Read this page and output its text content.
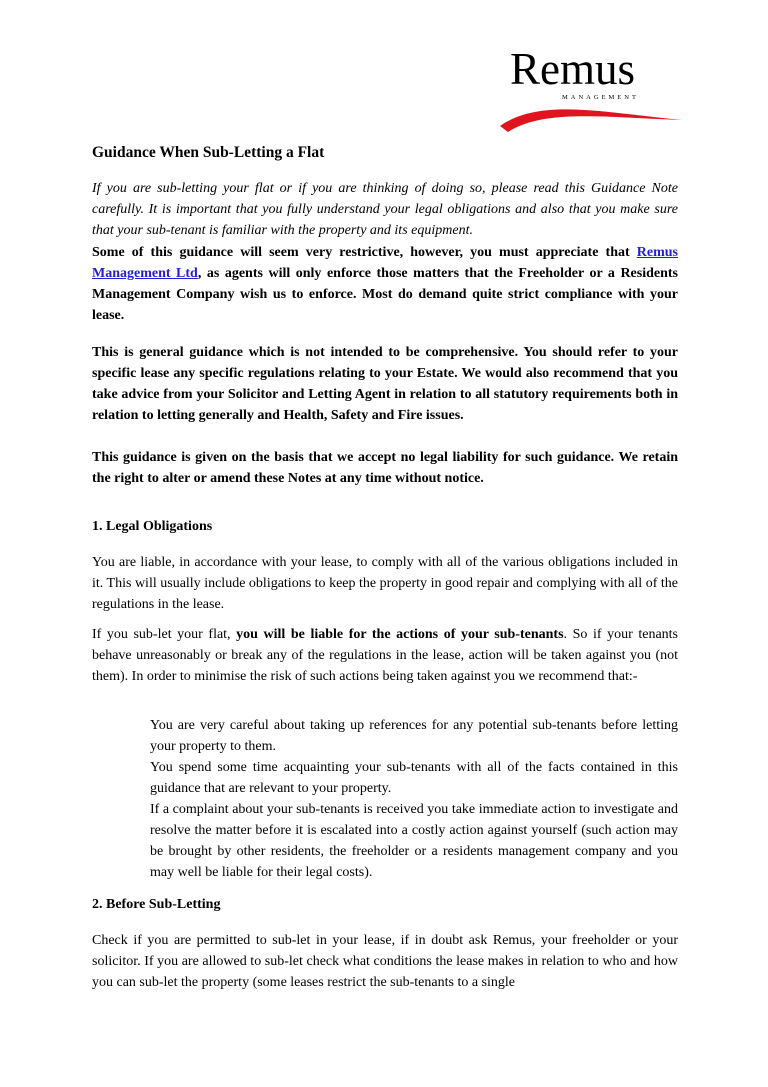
Remus
MANAGEMENT
Guidance When Sub-Letting a Flat

If you are sub-letting your flat or if you are thinking of doing so, please read this Guidance Note carefully. It is important that you fully understand your legal obligations and also that you make sure that your sub-tenant is familiar with the property and its equipment.

Some of this guidance will seem very restrictive, however, you must appreciate that Remus Management Ltd, as agents will only enforce those matters that the Freeholder or a Residents Management Company wish us to enforce. Most do demand quite strict compliance with your lease.

This is general guidance which is not intended to be comprehensive. You should refer to your specific lease any specific regulations relating to your Estate. We would also recommend that you take advice from your Solicitor and Letting Agent in relation to all statutory requirements both in relation to letting generally and Health, Safety and Fire issues.

This guidance is given on the basis that we accept no legal liability for such guidance. We retain the right to alter or amend these Notes at any time without notice.

1. Legal Obligations

You are liable, in accordance with your lease, to comply with all of the various obligations included in it. This will usually include obligations to keep the property in good repair and complying with all of the regulations in the lease.

If you sub-let your flat, you will be liable for the actions of your sub-tenants. So if your tenants behave unreasonably or break any of the regulations in the lease, action will be taken against you (not them). In order to minimise the risk of such actions being taken against you we recommend that:-

You are very careful about taking up references for any potential sub-tenants before letting your property to them.
You spend some time acquainting your sub-tenants with all of the facts contained in this guidance that are relevant to your property.
If a complaint about your sub-tenants is received you take immediate action to investigate and resolve the matter before it is escalated into a costly action against yourself (such action may be brought by other residents, the freeholder or a residents management company and you may well be liable for their legal costs).
2. Before Sub-Letting

Check if you are permitted to sub-let in your lease, if in doubt ask Remus, your freeholder or your solicitor. If you are allowed to sub-let check what conditions the lease makes in relation to who and how you can sub-let the property (some leases restrict the sub-tenants to a single
